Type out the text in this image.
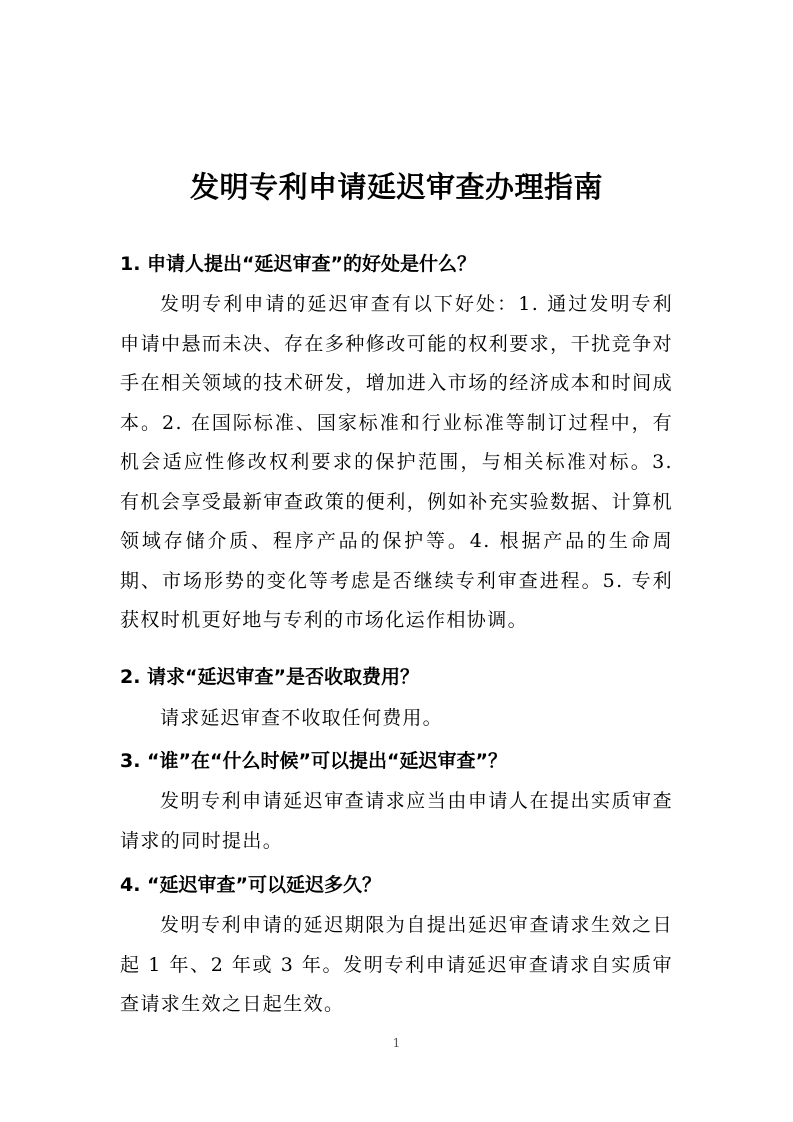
发明专利申请延迟审查办理指南
1. 申请人提出“延迟审查”的好处是什么？

发明专利申请的延迟审查有以下好处：1. 通过发明专利申请中悬而未决、存在多种修改可能的权利要求，干扰竞争对手在相关领域的技术研发，增加进入市场的经济成本和时间成本。2. 在国际标准、国家标准和行业标准等制订过程中，有机会适应性修改权利要求的保护范围，与相关标准对标。3. 有机会享受最新审查政策的便利，例如补充实验数据、计算机领域存储介质、程序产品的保护等。4. 根据产品的生命周期、市场形势的变化等考虑是否继续专利审查进程。5. 专利获权时机更好地与专利的市场化运作相协调。

2. 请求“延迟审查”是否收取费用？

请求延迟审查不收取任何费用。

3. “谁”在“什么时候”可以提出“延迟审查”？

发明专利申请延迟审查请求应当由申请人在提出实质审查请求的同时提出。

4. “延迟审查”可以延迟多久？

发明专利申请的延迟期限为自提出延迟审查请求生效之日起 1 年、2 年或 3 年。发明专利申请延迟审查请求自实质审查请求生效之日起生效。

1
